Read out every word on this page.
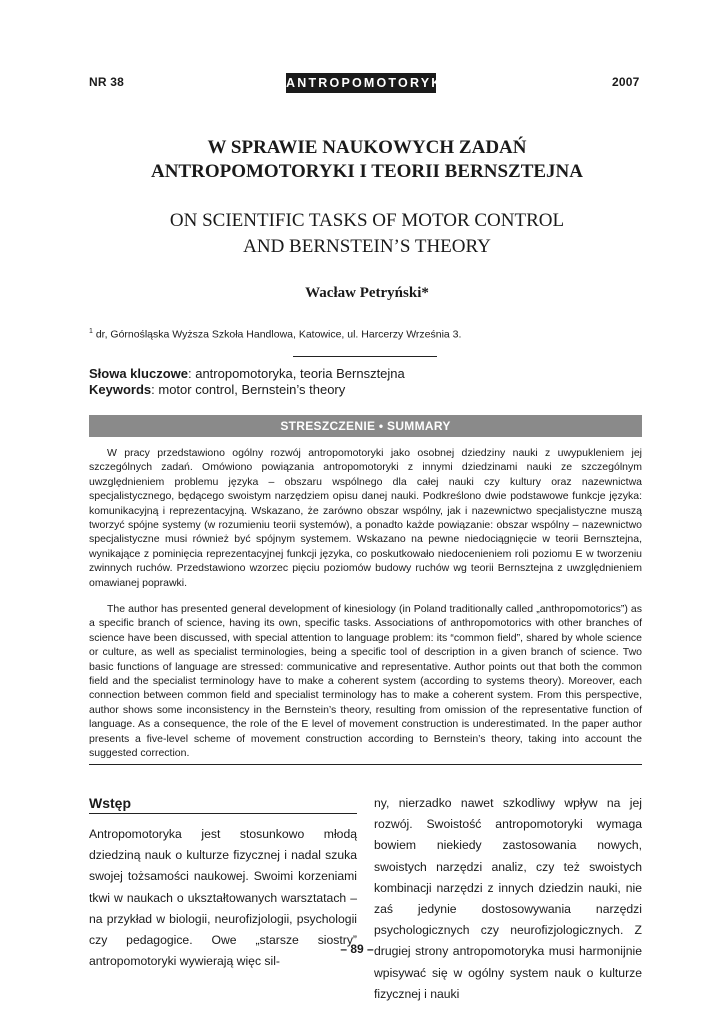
NR 38	ANTROPOMOTORYKA	2007
W SPRAWIE NAUKOWYCH ZADAŃ
ANTROPOMOTORYKI I TEORII BERNSZTEJNA
ON SCIENTIFIC TASKS OF MOTOR CONTROL
AND BERNSTEIN’S THEORY
Wacław Petryński*
$^1$ dr, Górnośląska Wyższa Szkoła Handlowa, Katowice, ul. Harcerzy Września 3.
Słowa kluczowe: antropomotoryka, teoria Bernsztejna
Keywords: motor control, Bernstein’s theory
STRESZCZENIE • SUMMARY

W pracy przedstawiono ogólny rozwój antropomotoryki jako osobnej dziedziny nauki z uwypukleniem jej szczególnych zadań. Omówiono powiązania antropomotoryki z innymi dziedzinami nauki ze szczególnym uwzględnieniem problemu języka – obszaru wspólnego dla całej nauki czy kultury oraz nazewnictwa specjalistycznego, będącego swoistym narzędziem opisu danej nauki. Podkreślono dwie podstawowe funkcje języka: komunikacyjną i reprezentacyjną. Wskazano, że zarówno obszar wspólny, jak i nazewnictwo specjalistyczne muszą tworzyć spójne systemy (w rozumieniu teorii systemów), a ponadto każde powiązanie: obszar wspólny – nazewnictwo specjalistyczne musi również być spójnym systemem. Wskazano na pewne niedociągnięcie w teorii Bernsztejna, wynikające z pominięcia reprezentacyjnej funkcji języka, co poskutkowało niedocenieniem roli poziomu E w tworzeniu zwinnych ruchów. Przedstawiono wzorzec pięciu poziomów budowy ruchów wg teorii Bernsztejna z uwzględnieniem omawianej poprawki.

The author has presented general development of kinesiology (in Poland traditionally called „anthropomotorics”) as a specific branch of science, having its own, specific tasks. Associations of anthropomotorics with other branches of science have been discussed, with special attention to language problem: its “common field”, shared by whole science or culture, as well as specialist terminologies, being a specific tool of description in a given branch of science. Two basic functions of language are stressed: communicative and representative. Author points out that both the common field and the specialist terminology have to make a coherent system (according to systems theory). Moreover, each connection between common field and specialist terminology has to make a coherent system. From this perspective, author shows some inconsistency in the Bernstein’s theory, resulting from omission of the representative function of language. As a consequence, the role of the E level of movement construction is underestimated. In the paper author presents a five-level scheme of movement construction according to Bernstein’s theory, taking into account the suggested correction.

Wstęp

Antropomotoryka jest stosunkowo młodą dziedziną nauk o kulturze fizycznej i nadal szuka swojej tożsamości naukowej. Swoimi korzeniami tkwi w naukach o ukształtowanych warsztatach – na przykład w biologii, neurofizjologii, psychologii czy pedagogice. Owe „starsze siostry” antropomotoryki wywierają więc sil-

ny, nierzadko nawet szkodliwy wpływ na jej rozwój. Swoistość antropomotoryki wymaga bowiem niekiedy zastosowania nowych, swoistych narzędzi analiz, czy też swoistych kombinacji narzędzi z innych dziedzin nauki, nie zaś jedynie dostosowywania narzędzi psychologicznych czy neurofizjologicznych. Z drugiej strony antropomotoryka musi harmonijnie wpisywać się w ogólny system nauk o kulturze fizycznej i nauki

– 89 –
